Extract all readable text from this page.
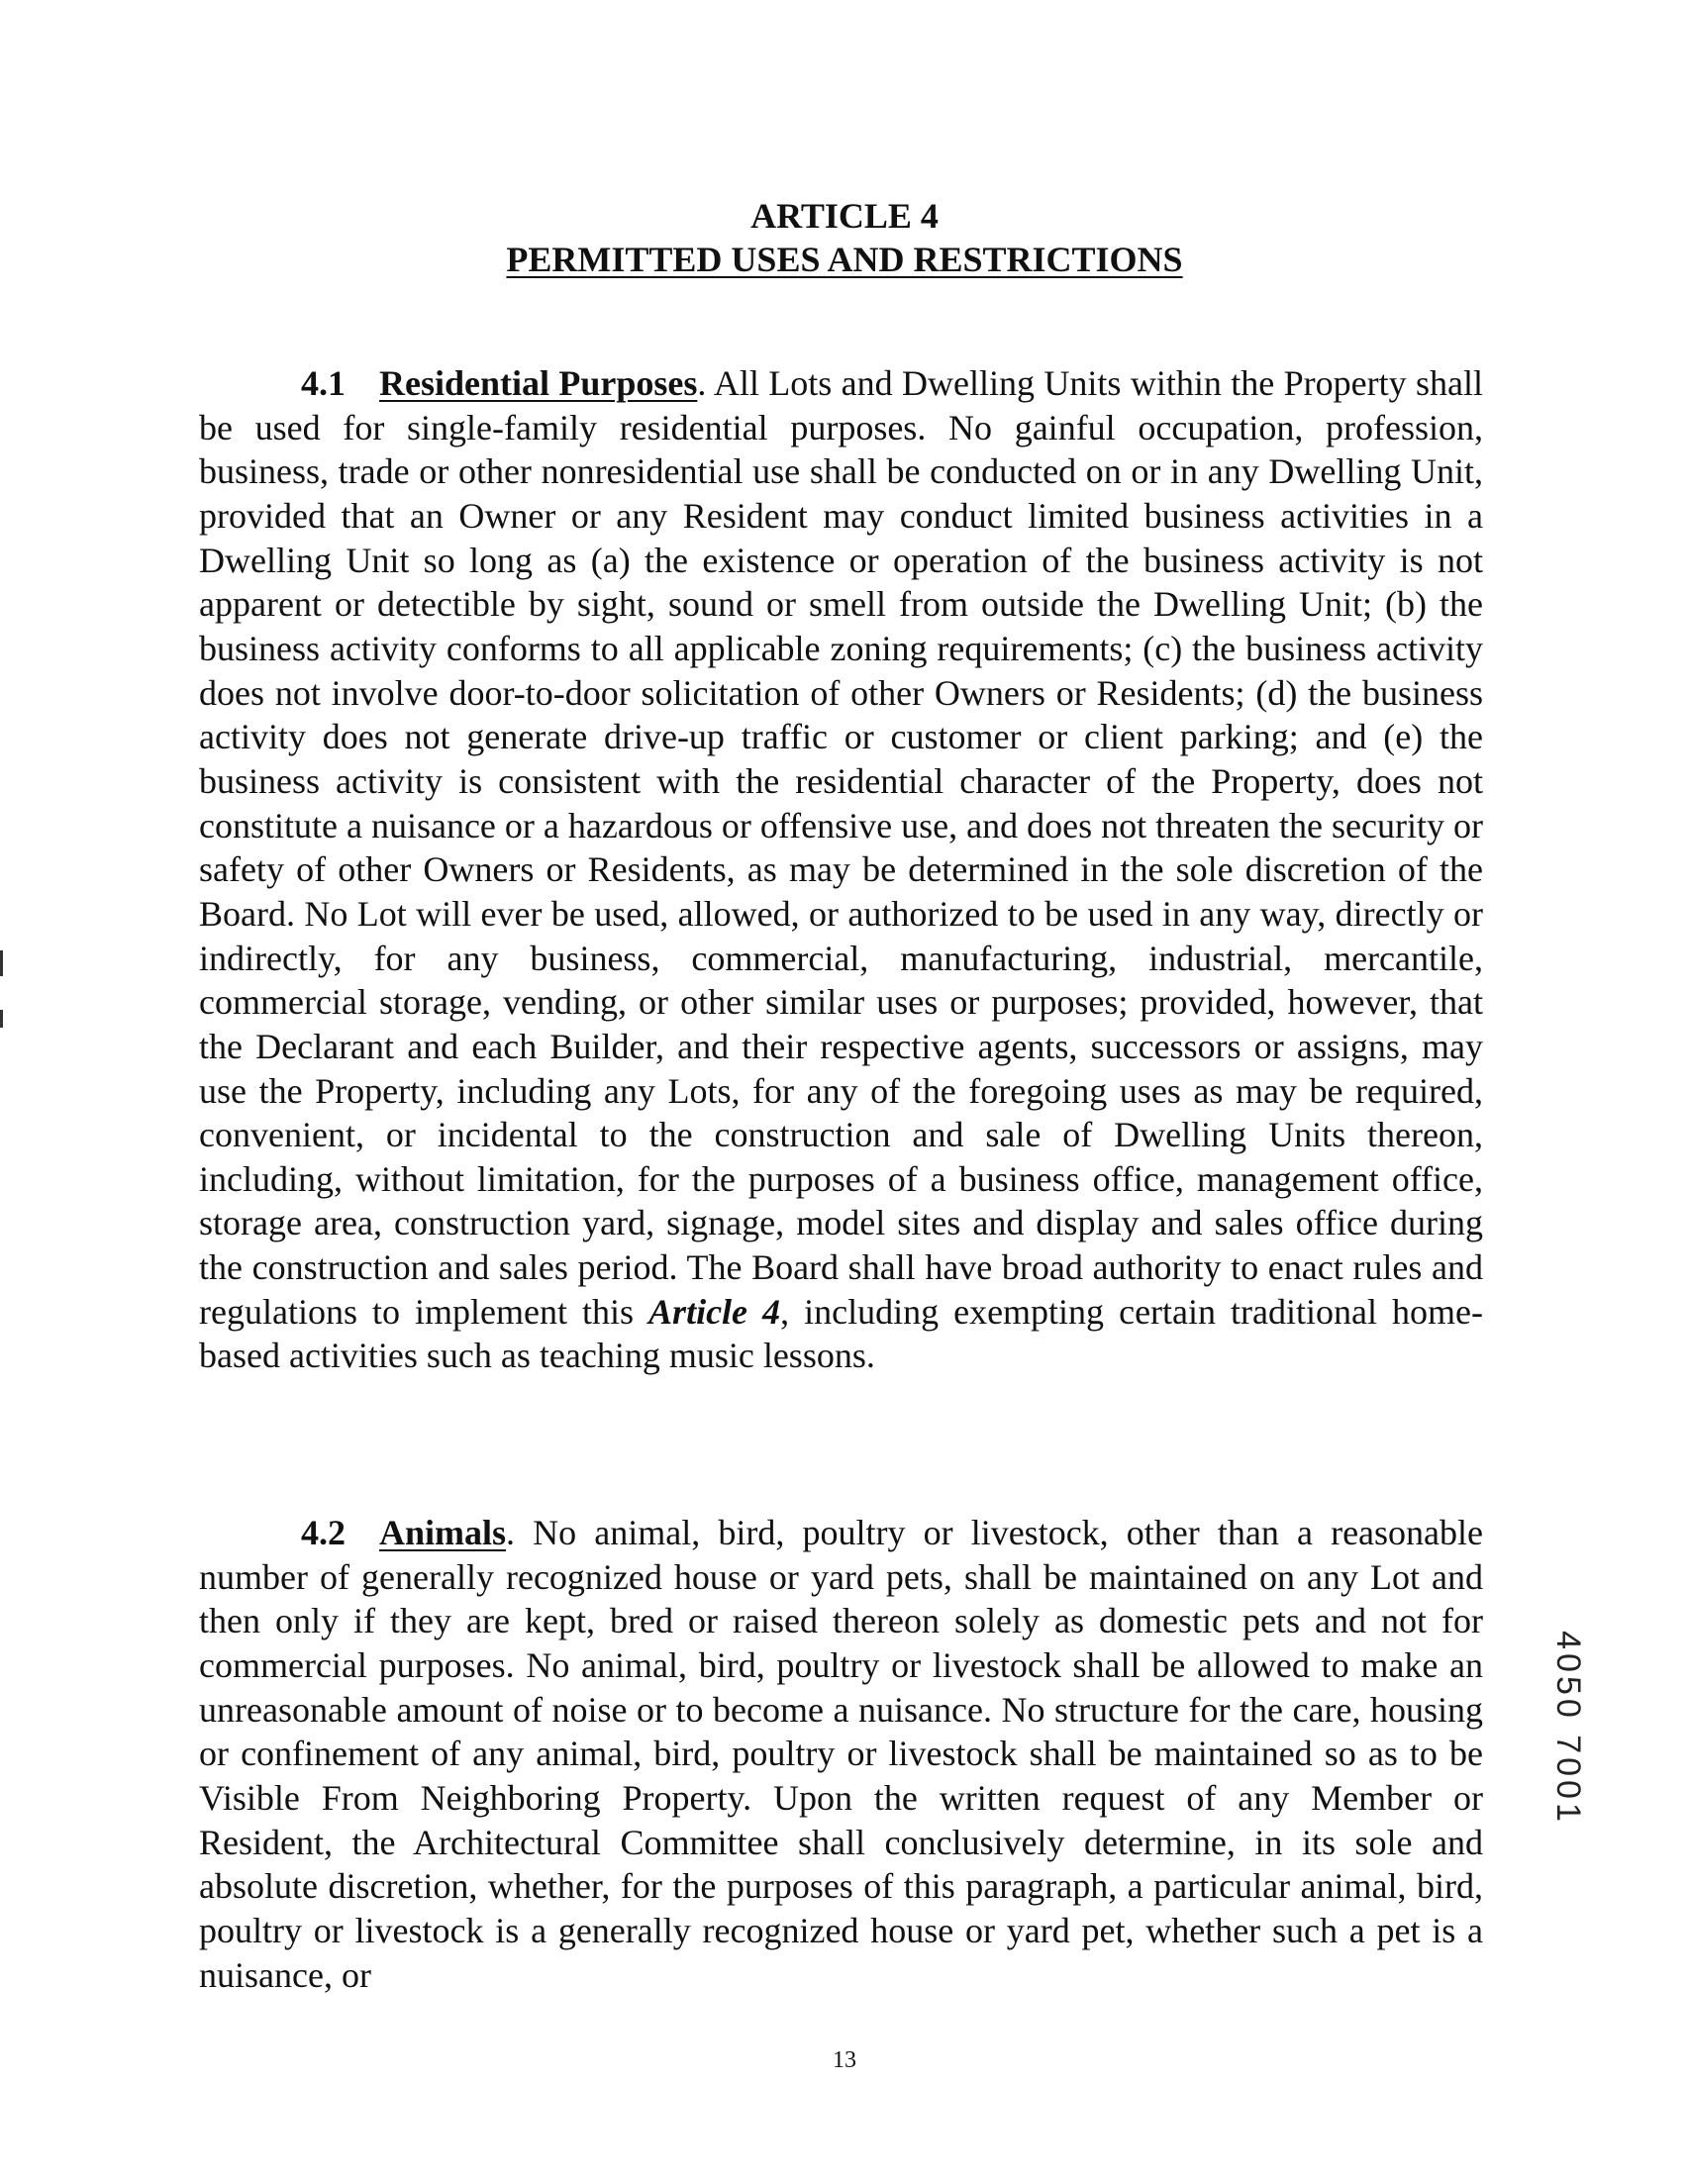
ARTICLE 4
PERMITTED USES AND RESTRICTIONS

4.1 Residential Purposes. All Lots and Dwelling Units within the Property shall be used for single-family residential purposes. No gainful occupation, profession, business, trade or other nonresidential use shall be conducted on or in any Dwelling Unit, provided that an Owner or any Resident may conduct limited business activities in a Dwelling Unit so long as (a) the existence or operation of the business activity is not apparent or detectible by sight, sound or smell from outside the Dwelling Unit; (b) the business activity conforms to all applicable zoning requirements; (c) the business activity does not involve door-to-door solicitation of other Owners or Residents; (d) the business activity does not generate drive-up traffic or customer or client parking; and (e) the business activity is consistent with the residential character of the Property, does not constitute a nuisance or a hazardous or offensive use, and does not threaten the security or safety of other Owners or Residents, as may be determined in the sole discretion of the Board. No Lot will ever be used, allowed, or authorized to be used in any way, directly or indirectly, for any business, commercial, manufacturing, industrial, mercantile, commercial storage, vending, or other similar uses or purposes; provided, however, that the Declarant and each Builder, and their respective agents, successors or assigns, may use the Property, including any Lots, for any of the foregoing uses as may be required, convenient, or incidental to the construction and sale of Dwelling Units thereon, including, without limitation, for the purposes of a business office, management office, storage area, construction yard, signage, model sites and display and sales office during the construction and sales period. The Board shall have broad authority to enact rules and regulations to implement this Article 4, including exempting certain traditional home-based activities such as teaching music lessons.

4.2 Animals. No animal, bird, poultry or livestock, other than a reasonable number of generally recognized house or yard pets, shall be maintained on any Lot and then only if they are kept, bred or raised thereon solely as domestic pets and not for commercial purposes. No animal, bird, poultry or livestock shall be allowed to make an unreasonable amount of noise or to become a nuisance. No structure for the care, housing or confinement of any animal, bird, poultry or livestock shall be maintained so as to be Visible From Neighboring Property. Upon the written request of any Member or Resident, the Architectural Committee shall conclusively determine, in its sole and absolute discretion, whether, for the purposes of this paragraph, a particular animal, bird, poultry or livestock is a generally recognized house or yard pet, whether such a pet is a nuisance, or

13
4050 7001
